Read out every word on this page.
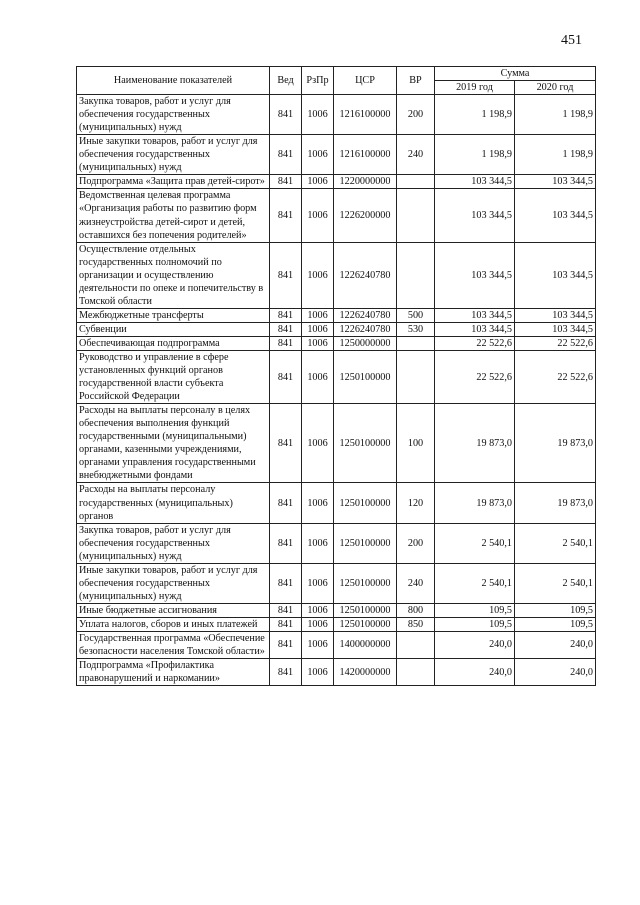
451
Наименование показателей	Вед	РзПр	ЦСР	ВР	Сумма	
					2019 год	2020 год
Закупка товаров, работ и услуг для обеспечения государственных (муниципальных) нужд	841	1006	1216100000	200	1 198,9	1 198,9
Иные закупки товаров, работ и услуг для обеспечения государственных (муниципальных) нужд	841	1006	1216100000	240	1 198,9	1 198,9
Подпрограмма «Защита прав детей-сирот»	841	1006	1220000000		103 344,5	103 344,5
Ведомственная целевая программа «Организация работы по развитию форм жизнеустройства детей-сирот и детей, оставшихся без попечения родителей»	841	1006	1226200000		103 344,5	103 344,5
Осуществление отдельных государственных полномочий по организации и осуществлению деятельности по опеке и попечительству в Томской области	841	1006	1226240780		103 344,5	103 344,5
Межбюджетные трансферты	841	1006	1226240780	500	103 344,5	103 344,5
Субвенции	841	1006	1226240780	530	103 344,5	103 344,5
Обеспечивающая подпрограмма	841	1006	1250000000		22 522,6	22 522,6
Руководство и управление в сфере установленных функций органов государственной власти субъекта Российской Федерации	841	1006	1250100000		22 522,6	22 522,6
Расходы на выплаты персоналу в целях обеспечения выполнения функций государственными (муниципальными) органами, казенными учреждениями, органами управления государственными внебюджетными фондами	841	1006	1250100000	100	19 873,0	19 873,0
Расходы на выплаты персоналу государственных (муниципальных) органов	841	1006	1250100000	120	19 873,0	19 873,0
Закупка товаров, работ и услуг для обеспечения государственных (муниципальных) нужд	841	1006	1250100000	200	2 540,1	2 540,1
Иные закупки товаров, работ и услуг для обеспечения государственных (муниципальных) нужд	841	1006	1250100000	240	2 540,1	2 540,1
Иные бюджетные ассигнования	841	1006	1250100000	800	109,5	109,5
Уплата налогов, сборов и иных платежей	841	1006	1250100000	850	109,5	109,5
Государственная программа «Обеспечение безопасности населения Томской области»	841	1006	1400000000		240,0	240,0
Подпрограмма «Профилактика правонарушений и наркомании»	841	1006	1420000000		240,0	240,0
